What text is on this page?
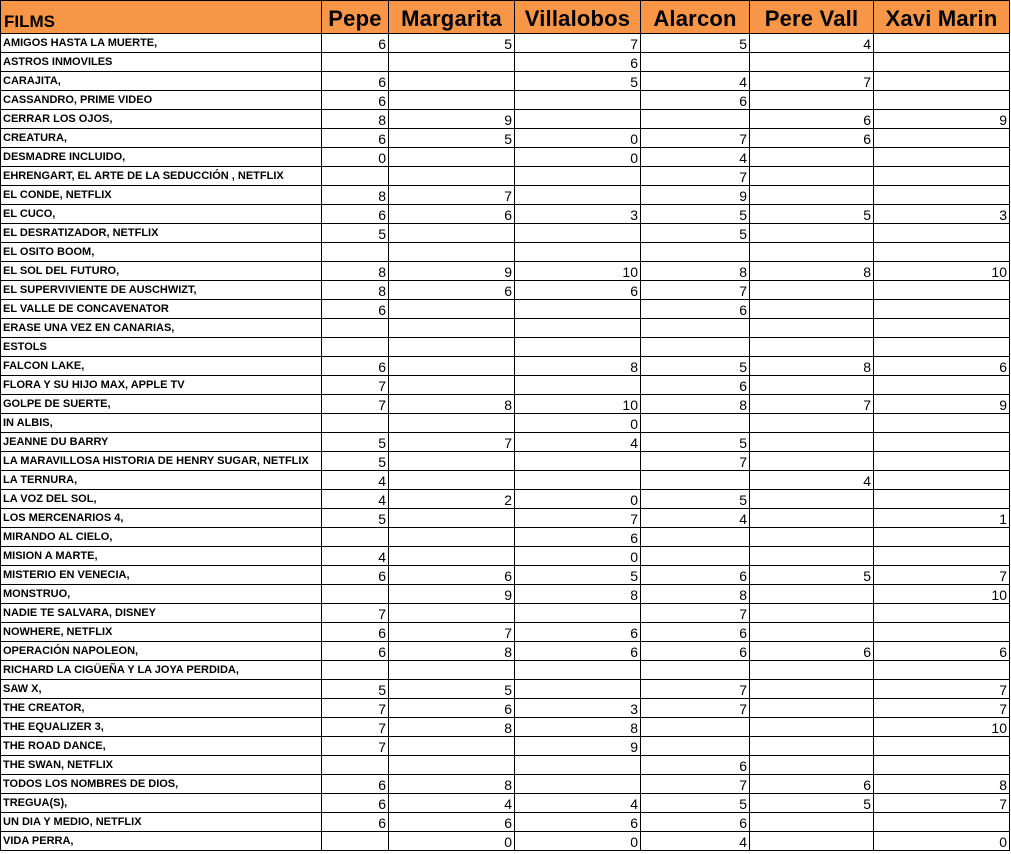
FILMS	Pepe	Margarita	Villalobos	Alarcon	Pere Vall	Xavi Marin
AMIGOS HASTA LA MUERTE,	6	5	7	5	4	
ASTROS INMOVILES			6			
CARAJITA,	6		5	4	7	
CASSANDRO, PRIME VIDEO	6			6		
CERRAR LOS OJOS,	8	9			6	9
CREATURA,	6	5	0	7	6	
DESMADRE INCLUIDO,	0		0	4		
EHRENGART, EL ARTE DE LA SEDUCCIÓN , NETFLIX				7		
EL CONDE, NETFLIX	8	7		9		
EL CUCO,	6	6	3	5	5	3
EL DESRATIZADOR, NETFLIX	5			5		
EL OSITO BOOM,						
EL SOL DEL FUTURO,	8	9	10	8	8	10
EL SUPERVIVIENTE DE AUSCHWIZT,	8	6	6	7		
EL VALLE DE CONCAVENATOR	6			6		
ERASE UNA VEZ EN CANARIAS,						
ESTOLS						
FALCON LAKE,	6		8	5	8	6
FLORA Y SU HIJO MAX, APPLE TV	7			6		
GOLPE DE SUERTE,	7	8	10	8	7	9
IN ALBIS,			0			
JEANNE DU BARRY	5	7	4	5		
LA MARAVILLOSA HISTORIA DE HENRY SUGAR, NETFLIX	5			7		
LA TERNURA,	4				4	
LA VOZ DEL SOL,	4	2	0	5		
LOS MERCENARIOS 4,	5		7	4		1
MIRANDO AL CIELO,			6			
MISION A MARTE,	4		0			
MISTERIO EN VENECIA,	6	6	5	6	5	7
MONSTRUO,		9	8	8		10
NADIE TE SALVARA, DISNEY	7			7		
NOWHERE, NETFLIX	6	7	6	6		
OPERACIÓN NAPOLEON,	6	8	6	6	6	6
RICHARD LA CIGÜEÑA Y LA JOYA PERDIDA,						
SAW X,	5	5		7		7
THE CREATOR,	7	6	3	7		7
THE EQUALIZER 3,	7	8	8			10
THE ROAD DANCE,	7		9			
THE SWAN, NETFLIX				6		
TODOS LOS NOMBRES DE DIOS,	6	8		7	6	8
TREGUA(S),	6	4	4	5	5	7
UN DIA Y MEDIO, NETFLIX	6	6	6	6		
VIDA PERRA,		0	0	4		0
